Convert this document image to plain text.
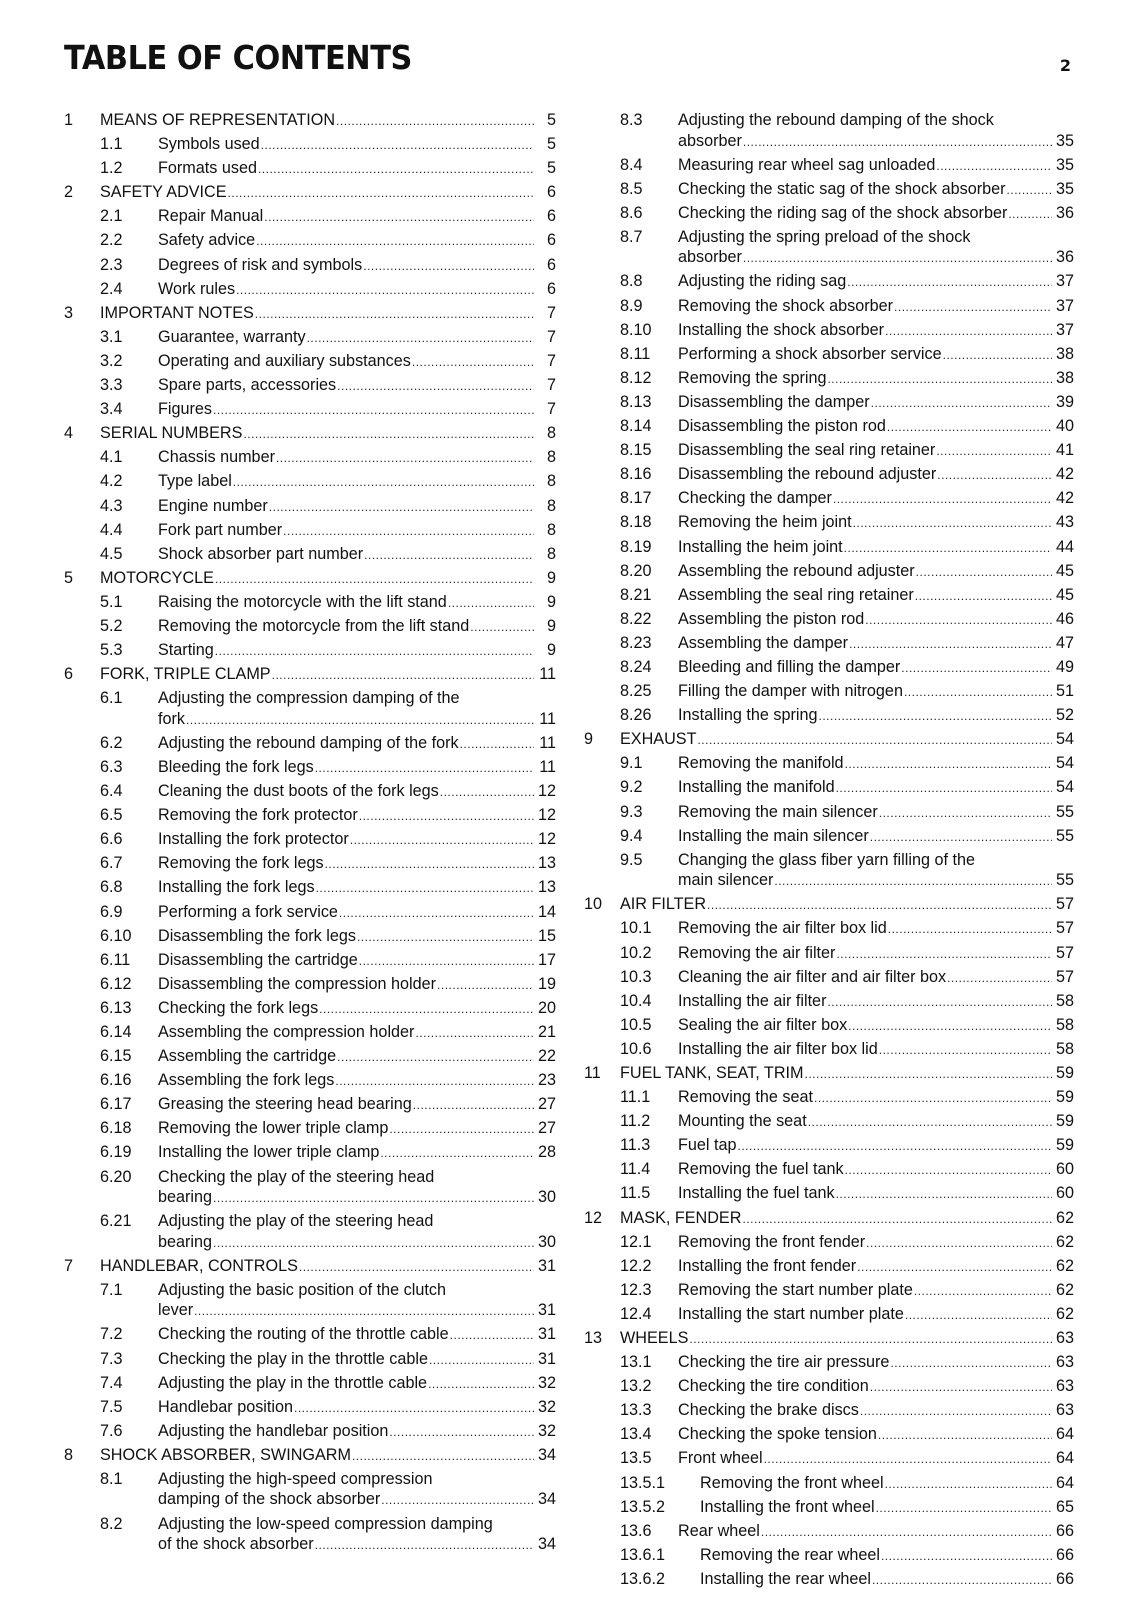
TABLE OF CONTENTS	2
1	MEANS OF REPRESENTATION .....	5
1.1	Symbols used .....	5
1.2	Formats used .....	5
2	SAFETY ADVICE .....	6
2.1	Repair Manual .....	6
2.2	Safety advice .....	6
2.3	Degrees of risk and symbols .....	6
2.4	Work rules .....	6
3	IMPORTANT NOTES .....	7
3.1	Guarantee, warranty .....	7
3.2	Operating and auxiliary substances .....	7
3.3	Spare parts, accessories .....	7
3.4	Figures .....	7
4	SERIAL NUMBERS .....	8
4.1	Chassis number .....	8
4.2	Type label .....	8
4.3	Engine number .....	8
4.4	Fork part number .....	8
4.5	Shock absorber part number .....	8
5	MOTORCYCLE .....	9
5.1	Raising the motorcycle with the lift stand .....	9
5.2	Removing the motorcycle from the lift stand .....	9
5.3	Starting .....	9
6	FORK, TRIPLE CLAMP .....	11
6.1	Adjusting the compression damping of the
fork .....	11
6.2	Adjusting the rebound damping of the fork .....	11
6.3	Bleeding the fork legs .....	11
6.4	Cleaning the dust boots of the fork legs .....	12
6.5	Removing the fork protector .....	12
6.6	Installing the fork protector .....	12
6.7	Removing the fork legs .....	13
6.8	Installing the fork legs .....	13
6.9	Performing a fork service .....	14
6.10	Disassembling the fork legs .....	15
6.11	Disassembling the cartridge .....	17
6.12	Disassembling the compression holder .....	19
6.13	Checking the fork legs .....	20
6.14	Assembling the compression holder .....	21
6.15	Assembling the cartridge .....	22
6.16	Assembling the fork legs .....	23
6.17	Greasing the steering head bearing .....	27
6.18	Removing the lower triple clamp .....	27
6.19	Installing the lower triple clamp .....	28
6.20	Checking the play of the steering head
bearing .....	30
6.21	Adjusting the play of the steering head
bearing .....	30
7	HANDLEBAR, CONTROLS .....	31
7.1	Adjusting the basic position of the clutch
lever .....	31
7.2	Checking the routing of the throttle cable .....	31
7.3	Checking the play in the throttle cable .....	31
7.4	Adjusting the play in the throttle cable .....	32
7.5	Handlebar position .....	32
7.6	Adjusting the handlebar position .....	32
8	SHOCK ABSORBER, SWINGARM .....	34
8.1	Adjusting the high-speed compression
damping of the shock absorber .....	34
8.2	Adjusting the low-speed compression damping
of the shock absorber .....	34
8.3	Adjusting the rebound damping of the shock
absorber .....	35
8.4	Measuring rear wheel sag unloaded .....	35
8.5	Checking the static sag of the shock absorber .....	35
8.6	Checking the riding sag of the shock absorber .....	36
8.7	Adjusting the spring preload of the shock
absorber .....	36
8.8	Adjusting the riding sag .....	37
8.9	Removing the shock absorber .....	37
8.10	Installing the shock absorber .....	37
8.11	Performing a shock absorber service .....	38
8.12	Removing the spring .....	38
8.13	Disassembling the damper .....	39
8.14	Disassembling the piston rod .....	40
8.15	Disassembling the seal ring retainer .....	41
8.16	Disassembling the rebound adjuster .....	42
8.17	Checking the damper .....	42
8.18	Removing the heim joint .....	43
8.19	Installing the heim joint .....	44
8.20	Assembling the rebound adjuster .....	45
8.21	Assembling the seal ring retainer .....	45
8.22	Assembling the piston rod .....	46
8.23	Assembling the damper .....	47
8.24	Bleeding and filling the damper .....	49
8.25	Filling the damper with nitrogen .....	51
8.26	Installing the spring .....	52
9	EXHAUST .....	54
9.1	Removing the manifold .....	54
9.2	Installing the manifold .....	54
9.3	Removing the main silencer .....	55
9.4	Installing the main silencer .....	55
9.5	Changing the glass fiber yarn filling of the
main silencer .....	55
10	AIR FILTER .....	57
10.1	Removing the air filter box lid .....	57
10.2	Removing the air filter .....	57
10.3	Cleaning the air filter and air filter box .....	57
10.4	Installing the air filter .....	58
10.5	Sealing the air filter box .....	58
10.6	Installing the air filter box lid .....	58
11	FUEL TANK, SEAT, TRIM .....	59
11.1	Removing the seat .....	59
11.2	Mounting the seat .....	59
11.3	Fuel tap .....	59
11.4	Removing the fuel tank .....	60
11.5	Installing the fuel tank .....	60
12	MASK, FENDER .....	62
12.1	Removing the front fender .....	62
12.2	Installing the front fender .....	62
12.3	Removing the start number plate .....	62
12.4	Installing the start number plate .....	62
13	WHEELS .....	63
13.1	Checking the tire air pressure .....	63
13.2	Checking the tire condition .....	63
13.3	Checking the brake discs .....	63
13.4	Checking the spoke tension .....	64
13.5	Front wheel .....	64
13.5.1	Removing the front wheel .....	64
13.5.2	Installing the front wheel .....	65
13.6	Rear wheel .....	66
13.6.1	Removing the rear wheel .....	66
13.6.2	Installing the rear wheel .....	66
